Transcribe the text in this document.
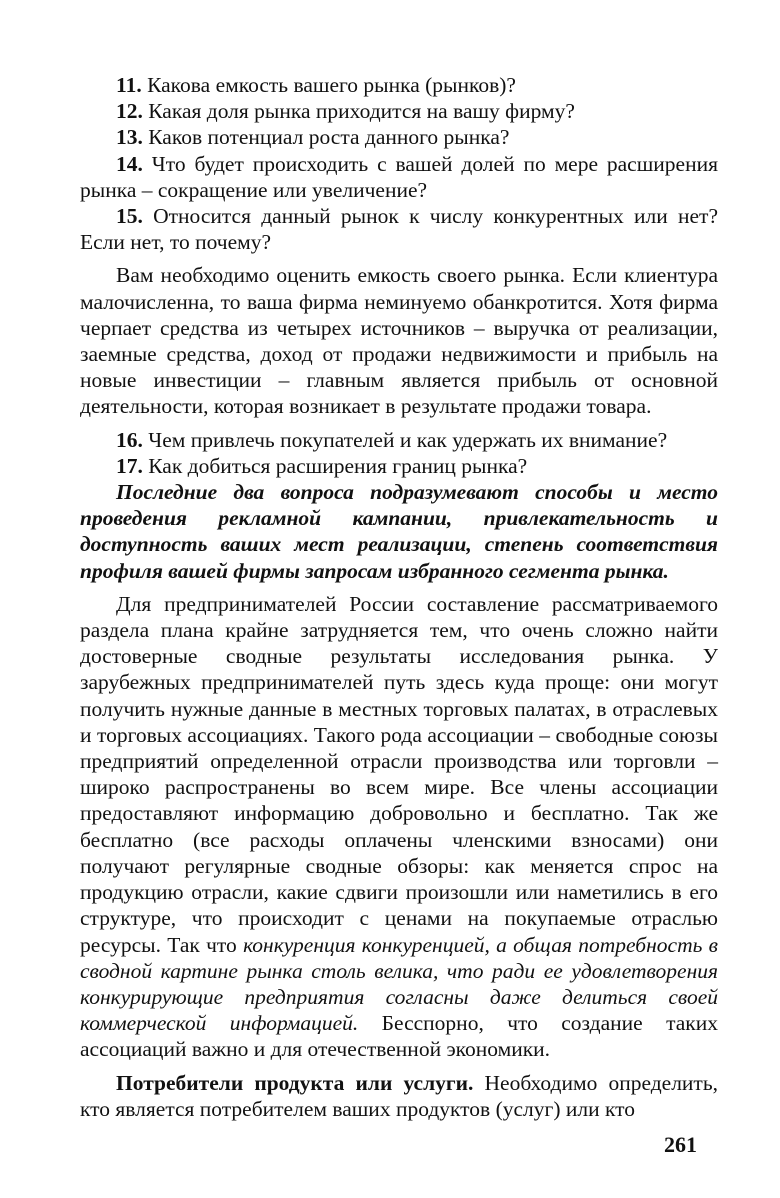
11. Какова емкость вашего рынка (рынков)?

12. Какая доля рынка приходится на вашу фирму?

13. Каков потенциал роста данного рынка?

14. Что будет происходить с вашей долей по мере расширения рынка – сокращение или увеличение?

15. Относится данный рынок к числу конкурентных или нет? Если нет, то почему?

Вам необходимо оценить емкость своего рынка. Если клиентура малочисленна, то ваша фирма неминуемо обанкротится. Хотя фирма черпает средства из четырех источников – выручка от реализации, заемные средства, доход от продажи недвижимости и прибыль на новые инвестиции – главным является прибыль от основной деятельности, которая возникает в результате продажи товара.

16. Чем привлечь покупателей и как удержать их внимание?

17. Как добиться расширения границ рынка?

Последние два вопроса подразумевают способы и место проведения рекламной кампании, привлекательность и доступность ваших мест реализации, степень соответствия профиля вашей фирмы запросам избранного сегмента рынка.

Для предпринимателей России составление рассматриваемого раздела плана крайне затрудняется тем, что очень сложно найти достоверные сводные результаты исследования рынка. У зарубежных предпринимателей путь здесь куда проще: они могут получить нужные данные в местных торговых палатах, в отраслевых и торговых ассоциациях. Такого рода ассоциации – свободные союзы предприятий определенной отрасли производства или торговли – широко распространены во всем мире. Все члены ассоциации предоставляют информацию добровольно и бесплатно. Так же бесплатно (все расходы оплачены членскими взносами) они получают регулярные сводные обзоры: как меняется спрос на продукцию отрасли, какие сдвиги произошли или наметились в его структуре, что происходит с ценами на покупаемые отраслью ресурсы. Так что конкуренция конкуренцией, а общая потребность в сводной картине рынка столь велика, что ради ее удовлетворения конкурирующие предприятия согласны даже делиться своей коммерческой информацией. Бесспорно, что создание таких ассоциаций важно и для отечественной экономики.

Потребители продукта или услуги. Необходимо определить, кто является потребителем ваших продуктов (услуг) или кто

261
